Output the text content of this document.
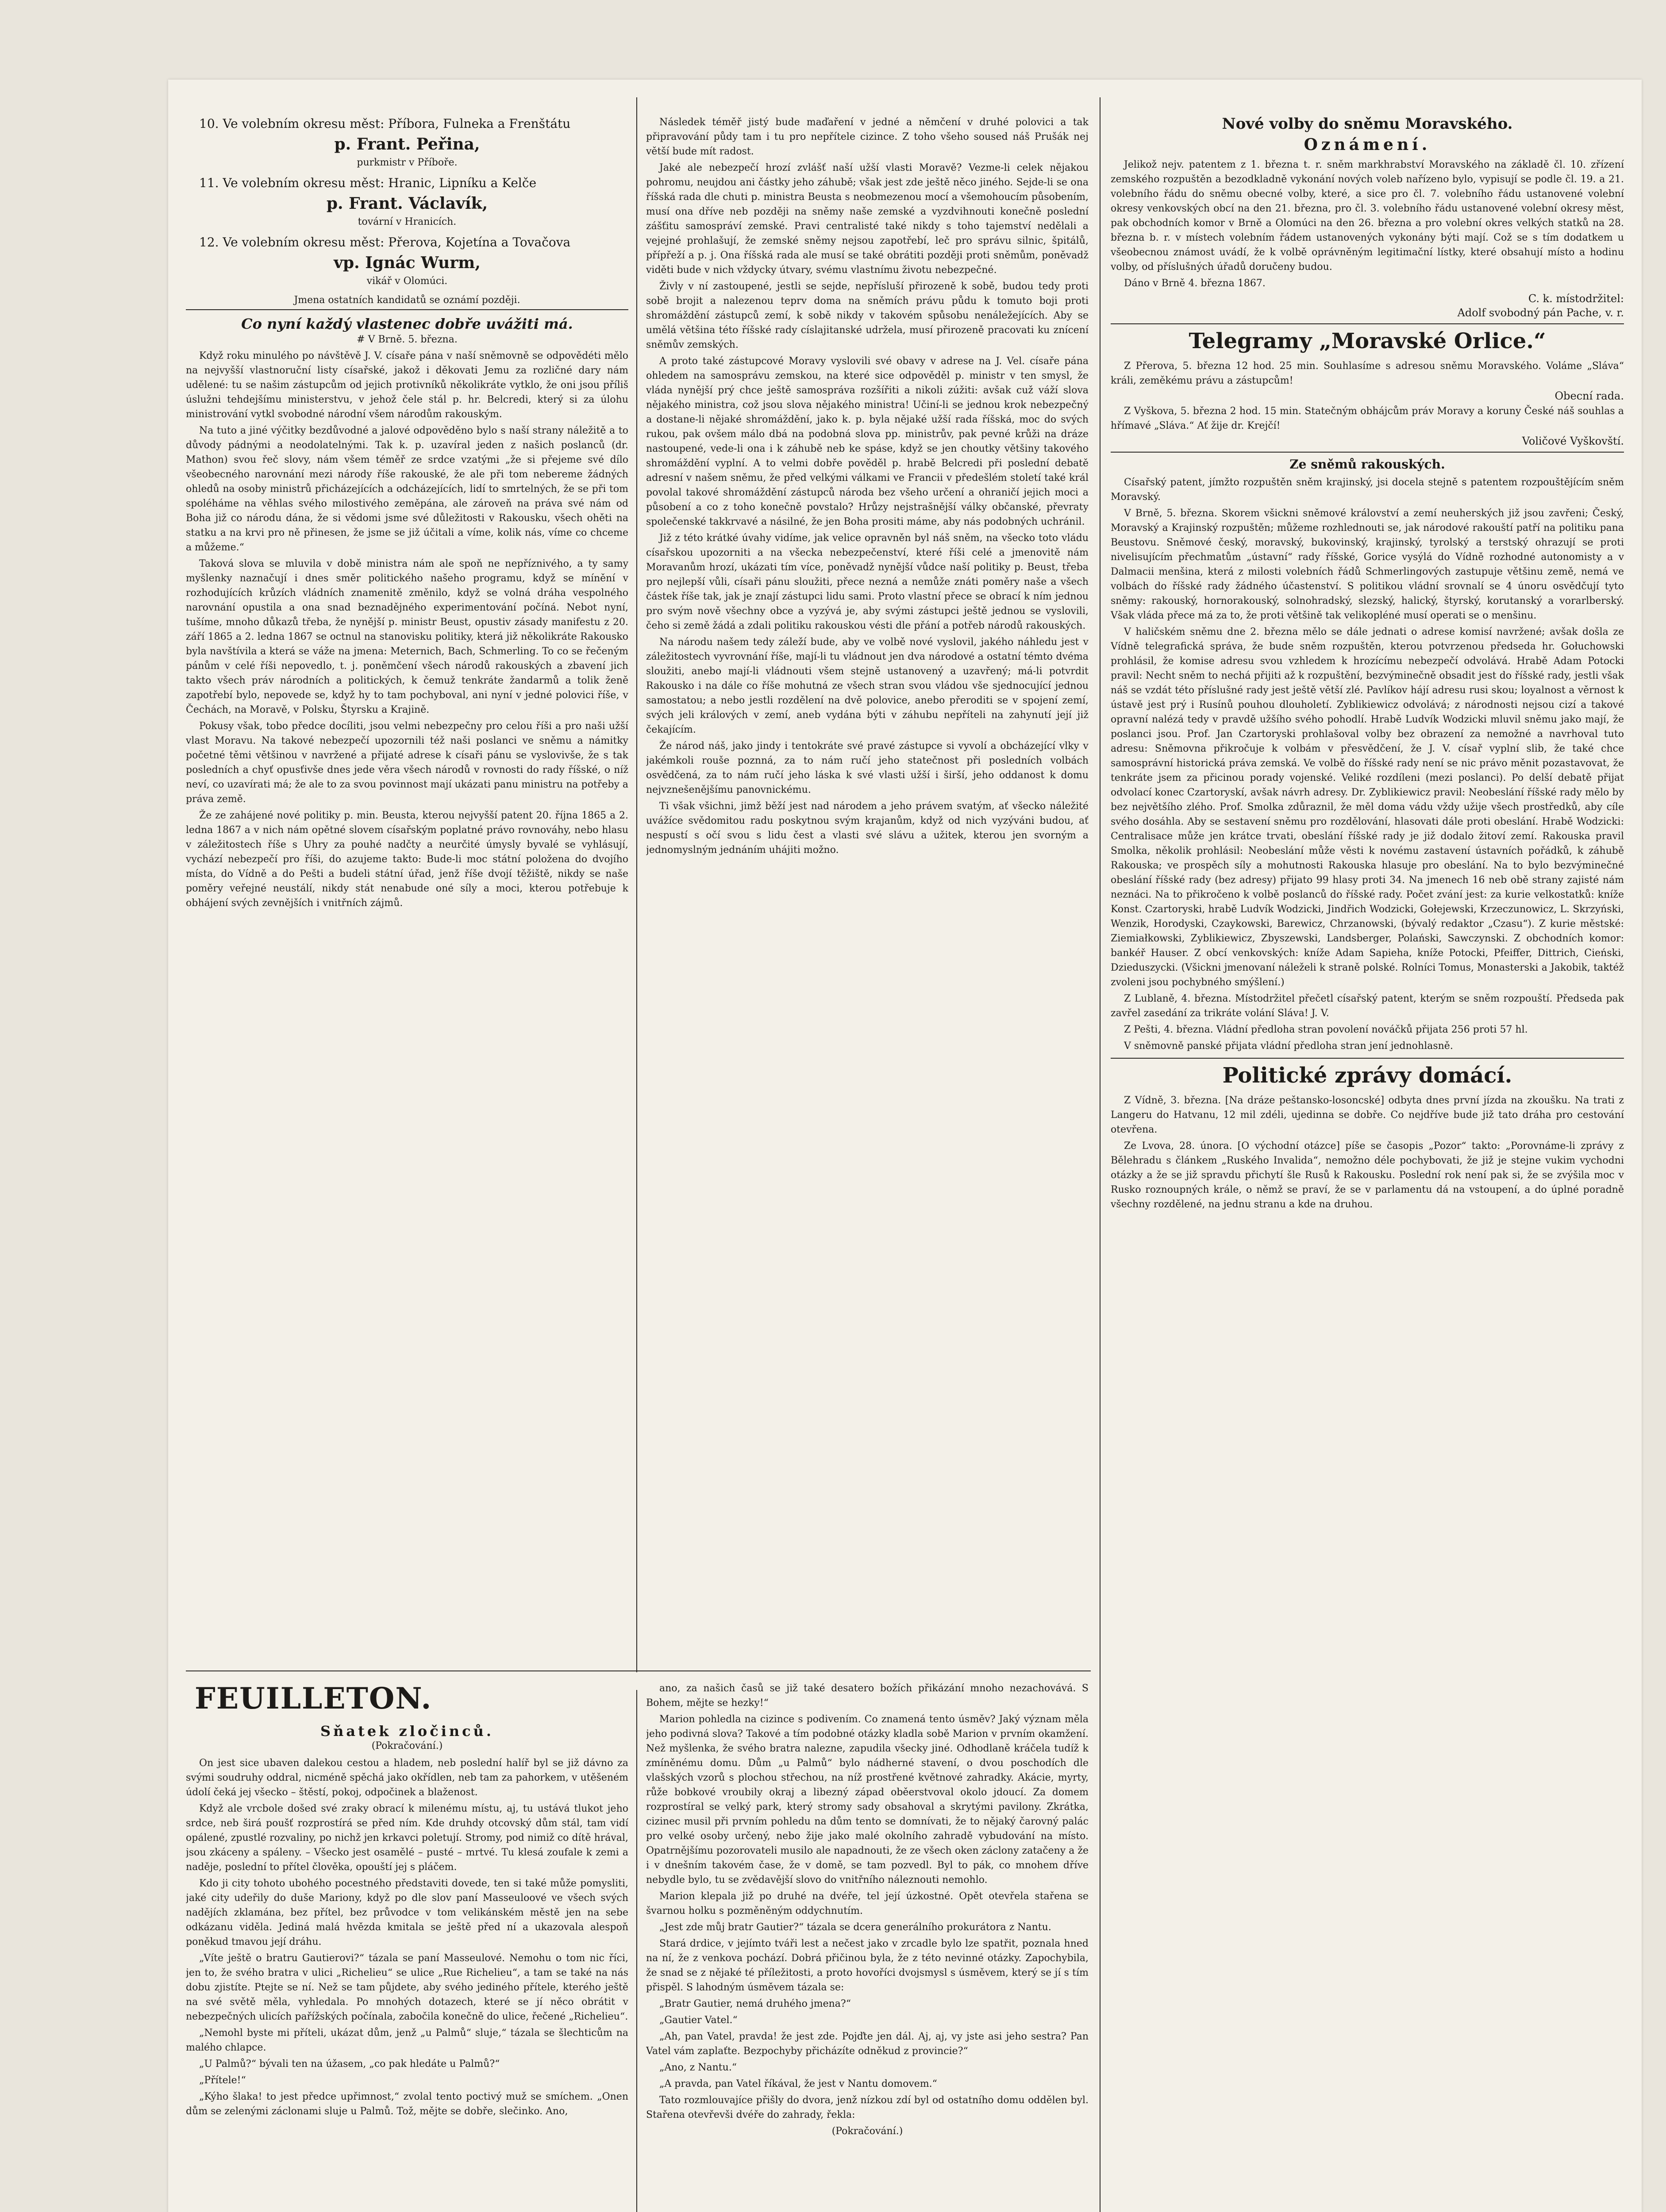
10. Ve volebním okresu měst: Příbora, Fulneka a Frenštátu

p. Frant. Peřina,

purkmistr v Příboře.

11. Ve volebním okresu měst: Hranic, Lipníku a Kelče

p. Frant. Václavík,

tovární v Hranicích.

12. Ve volebním okresu měst: Přerova, Kojetína a Tovačova

vp. Ignác Wurm,

vikář v Olomúci.

Jmena ostatních kandidatů se oznámí později.

Co nyní každý vlastenec dobře uvážiti má.

# V Brně. 5. března.

Když roku minulého po návštěvě J. V. císaře pána v naší sněmovně se odpovědéti mělo na nejvyšší vlastnoruční listy císařské, jakož i děkovati Jemu za rozličné dary nám udělené: tu se našim zástupcům od jejich protivníků několikráte vytklo, že oni jsou příliš úslužni tehdejšímu ministerstvu, v jehož čele stál p. hr. Belcredi, který si za úlohu ministrování vytkl svobodné národní všem národům rakouským.

Na tuto a jiné výčitky bezdůvodné a jalové odpověděno bylo s naší strany náležitě a to důvody pádnými a neodolatelnými. Tak k. p. uzavíral jeden z našich poslanců (dr. Mathon) svou řeč slovy, nám všem téměř ze srdce vzatými „že si přejeme své dílo všeobecného narovnání mezi národy říše rakouské, že ale při tom nebereme žádných ohledů na osoby ministrů přicházejících a odcházejících, lidí to smrtelných, že se při tom spoléháme na věhlas svého milostivého zeměpána, ale zároveň na práva své nám od Boha již co národu dána, že si vědomi jsme své důležitosti v Rakousku, všech ohěti na statku a na krvi pro ně přinesen, že jsme se již účitali a víme, kolik nás, víme co chceme a můžeme.“

Taková slova se mluvila v době ministra nám ale spoň ne nepříznivého, a ty samy myšlenky naznačují i dnes směr politického našeho programu, když se mínění v rozhodujících krůzích vládních znamenitě změnilo, když se volná dráha vespolného narovnání opustila a ona snad beznadějného experimentování počíná. Nebot nyní, tušíme, mnoho důkazů třeba, že nynější p. ministr Beust, opustiv zásady manifestu z 20. září 1865 a 2. ledna 1867 se octnul na stanovisku politiky, která již několikráte Rakousko byla navštívila a která se váže na jmena: Meternich, Bach, Schmerling. To co se řečeným pánům v celé říši nepovedlo, t. j. poněmčení všech národů rakouských a zbavení jich takto všech práv národních a politických, k čemuž tenkráte žandarmů a tolik ženě zapotřebí bylo, nepovede se, když hy to tam pochyboval, ani nyní v jedné polovici říše, v Čechách, na Moravě, v Polsku, Štyrsku a Krajině.

Pokusy však, tobo předce docíliti, jsou velmi nebezpečny pro celou říši a pro naši užší vlast Moravu. Na takové nebezpečí upozornili též naši poslanci ve sněmu a námitky početné těmi většinou v navržené a přijaté adrese k císaři pánu se vyslovivše, že s tak posledních a chyť opusťivše dnes jede věra všech národů v rovnosti do rady říšské, o níž neví, co uzavírati má; že ale to za svou povinnost mají ukázati panu ministru na potřeby a práva země.

Že ze zahájené nové politiky p. min. Beusta, kterou nejvyšší patent 20. října 1865 a 2. ledna 1867 a v nich nám opětné slovem císařským poplatné právo rovnováhy, nebo hlasu v záležitostech říše s Uhry za pouhé nadčty a neurčité úmysly byvalé se vyhlásují, vychází nebezpečí pro říši, do azujeme takto: Bude-li moc státní položena do dvojího místa, do Vídně a do Pešti a budeli státní úřad, jenž říše dvojí těžiště, nikdy se naše poměry veřejné neustálí, nikdy stát nenabude oné síly a moci, kterou potřebuje k obhájení svých zevnějších i vnitřních zájmů.

Následek téměř jistý bude maďaření v jedné a němčení v druhé polovici a tak připravování půdy tam i tu pro nepřítele cizince. Z toho všeho soused náš Prušák nej větší bude mít radost.

Jaké ale nebezpečí hrozí zvlášť naší užší vlasti Moravě? Vezme-li celek nějakou pohromu, neujdou ani částky jeho záhubě; však jest zde ještě něco jiného. Sejde-li se ona říšská rada dle chuti p. ministra Beusta s neobmezenou mocí a všemohoucím působením, musí ona dříve neb později na sněmy naše zemské a vyzdvihnouti konečně poslední zášťitu samospráví zemské. Pravi centralisté také nikdy s toho tajemství nedělali a vejejné prohlašují, že zemské sněmy nejsou zapotřebí, leč pro správu silnic, špitálů, přípřeží a p. j. Ona říšská rada ale musí se také obrátiti později proti sněmům, poněvadž viděti bude v nich vždycky útvary, svému vlastnímu životu nebezpečné.

Živly v ní zastoupené, jestli se sejde, nepřísluší přirozeně k sobě, budou tedy proti sobě brojit a nalezenou teprv doma na sněmích právu půdu k tomuto boji proti shromáždění zástupců zemí, k sobě nikdy v takovém spůsobu nenáležejících. Aby se umělá většina této říšské rady císlajitanské udržela, musí přirozeně pracovati ku znícení sněmův zemských.

A proto také zástupcové Moravy vyslovili své obavy v adrese na J. Vel. císaře pána ohledem na samosprávu zemskou, na které sice odpověděl p. ministr v ten smysl, že vláda nynější prý chce ještě samospráva rozšířiti a nikoli zúžiti: avšak cuž váží slova nějakého ministra, což jsou slova nějakého ministra! Učiní-li se jednou krok nebezpečný a dostane-li nějaké shromáždění, jako k. p. byla nějaké užší rada říšská, moc do svých rukou, pak ovšem málo dbá na podobná slova pp. ministrův, pak pevné krůži na dráze nastoupené, vede-li ona i k záhubě neb ke spáse, když se jen choutky většiny takového shromáždění vyplní. A to velmi dobře pověděl p. hrabě Belcredi při poslední debatě adresní v našem sněmu, že před velkými válkami ve Francii v předešlém století také král povolal takové shromáždění zástupců národa bez všeho určení a ohraničí jejich moci a působení a co z toho konečně povstalo? Hrůzy nejstrašnější války občanské, převraty společenské takkrvavé a násilné, že jen Boha prositi máme, aby nás podobných uchránil.

Již z této krátké úvahy vidíme, jak velice opravněn byl náš sněm, na všecko toto vládu císařskou upozorniti a na všecka nebezpečenství, které říši celé a jmenovitě nám Moravanům hrozí, ukázati tím více, poněvadž nynější vůdce naší politiky p. Beust, třeba pro nejlepší vůli, císaři pánu sloužiti, přece nezná a nemůže znáti poměry naše a všech částek říše tak, jak je znají zástupci lidu sami. Proto vlastní přece se obrací k ním jednou pro svým nově všechny obce a vyzývá je, aby svými zástupci ještě jednou se vyslovili, čeho si země žádá a zdali politiku rakouskou vésti dle přání a potřeb národů rakouských.

Na národu našem tedy záleží bude, aby ve volbě nové vyslovil, jakého náhledu jest v záležitostech vyvrovnání říše, mají-li tu vládnout jen dva národové a ostatní témto dvéma sloužiti, anebo mají-li vládnouti všem stejně ustanovený a uzavřený; má-li potvrdit Rakousko i na dále co říše mohutná ze všech stran svou vládou vše sjednocující jednou samostatou; a nebo jestli rozdělení na dvě polovice, anebo přeroditi se v spojení zemí, svých jeli králových v zemí, aneb vydána býti v záhubu nepříteli na zahynutí její již čekajícím.

Že národ náš, jako jindy i tentokráte své pravé zástupce si vyvolí a obcházející vlky v jakémkoli rouše poznná, za to nám ručí jeho statečnost při posledních volbách osvědčená, za to nám ručí jeho láska k své vlasti užší i širší, jeho oddanost k domu nejvznešenějšímu panovnickému.

Ti však všichni, jimž běží jest nad národem a jeho právem svatým, ať všecko náležité uvážíce svědomitou radu poskytnou svým krajanům, když od nich vyzýváni budou, ať nespustí s očí svou s lidu čest a vlasti své slávu a užitek, kterou jen svorným a jednomyslným jednáním uhájiti možno.

Nové volby do sněmu Moravského.

Oznámení.

Jelikož nejv. patentem z 1. března t. r. sněm markhrabství Moravského na základě čl. 10. zřízení zemského rozpuštěn a bezodkladně vykonání nových voleb nařízeno bylo, vypisují se podle čl. 19. a 21. volebního řádu do sněmu obecné volby, které, a sice pro čl. 7. volebního řádu ustanovené volební okresy venkovských obcí na den 21. března, pro čl. 3. volebního řádu ustanovené volební okresy měst, pak obchodních komor v Brně a Olomúci na den 26. března a pro volební okres velkých statků na 28. března b. r. v místech volebním řádem ustanovených vykonány býti mají. Což se s tím dodatkem u všeobecnou známost uvádí, že k volbě oprávněným legitimační lístky, které obsahují místo a hodinu volby, od příslušných úřadů doručeny budou.

Dáno v Brně 4. března 1867.

C. k. místodržitel:

Adolf svobodný pán Pache, v. r.

Telegramy „Moravské Orlice.“

Z Přerova, 5. března 12 hod. 25 min. Souhlasíme s adresou sněmu Moravského. Voláme „Sláva“ králi, zeměkému právu a zástupcům!

Obecní rada.

Z Vyškova, 5. března 2 hod. 15 min. Statečným obhájcům práv Moravy a koruny České náš souhlas a hřímavé „Sláva.“ Ať žije dr. Krejčí!

Voličové Vyškovští.

Ze sněmů rakouských.

Císařský patent, jímžto rozpuštěn sněm krajinský, jsi docela stejně s patentem rozpouštějícím sněm Moravský.

V Brně, 5. března. Skorem všickni sněmové království a zemí neuherských již jsou zavřeni; Český, Moravský a Krajinský rozpuštěn; můžeme rozhlednouti se, jak národové rakouští patří na politiku pana Beustovu. Sněmové český, moravský, bukovinský, krajinský, tyrolský a terstský ohrazují se proti nivelisujícím přechmatům „ústavní“ rady říšské, Gorice vysýlá do Vídně rozhodné autonomisty a v Dalmacii menšina, která z milosti volebních řádů Schmerlingových zastupuje většinu země, nemá ve volbách do říšské rady žádného účastenství. S politikou vládní srovnalí se 4 únoru osvědčují tyto sněmy: rakouský, hornorakouský, solnohradský, slezský, halický, štyrský, korutanský a vorarlberský. Však vláda přece má za to, že proti většině tak velikopléné musí operati se o menšinu.

V haličském sněmu dne 2. března mělo se dále jednati o adrese komisí navržené; avšak došla ze Vídně telegrafická správa, že bude sněm rozpuštěn, kterou potvrzenou předseda hr. Gołuchowski prohlásil, že komise adresu svou vzhledem k hrozícímu nebezpečí odvolává. Hrabě Adam Potocki pravil: Necht sněm to nechá přijiti až k rozpuštění, bezvýminečně obsadit jest do říšské rady, jestli však náš se vzdát této příslušné rady jest ještě větší zlé. Pavlíkov hájí adresu rusi skou; loyalnost a věrnost k ústavě jest prý i Rusínů pouhou dlouholetí. Zyblikiewicz odvolává; z národnosti nejsou cizí a takové opravní nalézá tedy v pravdě užšího svého pohodlí. Hrabě Ludvík Wodzicki mluvil sněmu jako mají, že poslanci jsou. Prof. Jan Czartoryski prohlašoval volby bez obrazení za nemožné a navrhoval tuto adresu: Sněmovna přikročuje k volbám v přesvědčení, že J. V. císař vyplní slib, že také chce samosprávní historická práva zemská. Ve volbě do říšské rady není se nic právo měnit pozastavovat, že tenkráte jsem za přicinou porady vojenské. Veliké rozdíleni (mezi poslanci). Po delší debatě přijat odvolací konec Czartoryskí, avšak návrh adresy. Dr. Zyblikiewicz pravil: Neobeslání říšské rady mělo by bez největšího zlého. Prof. Smolka zdůraznil, že měl doma vádu vždy užije všech prostředků, aby cíle svého dosáhla. Aby se sestavení sněmu pro rozdělování, hlasovati dále proti obeslání. Hrabě Wodzicki: Centralisace může jen krátce trvati, obeslání říšské rady je již dodalo žitoví zemí. Rakouska pravil Smolka, několik prohlásil: Neobeslání může věsti k novému zastavení ústavních pořádků, k záhubě Rakouska; ve prospěch síly a mohutnosti Rakouska hlasuje pro obeslání. Na to bylo bezvýminečné obeslání říšské rady (bez adresy) přijato 99 hlasy proti 34. Na jmenech 16 neb obě strany zajisté nám neznáci. Na to přikročeno k volbě poslanců do říšské rady. Počet zvání jest: za kurie velkostatků: kníže Konst. Czartoryski, hrabě Ludvík Wodzicki, Jindřich Wodzicki, Gołejewski, Krzeczunowicz, L. Skrzyński, Wenzik, Horodyski, Czaykowski, Barewicz, Chrzanowski, (bývalý redaktor „Czasu“). Z kurie městské: Ziemiałkowski, Zyblikiewicz, Zbyszewski, Landsberger, Polański, Sawczynski. Z obchodních komor: bankéř Hauser. Z obcí venkovských: kníže Adam Sapieha, kníže Potocki, Pfeiffer, Dittrich, Cieński, Dzieduszycki. (Všickni jmenovaní náleželi k straně polské. Rolníci Tomus, Monasterski a Jakobik, taktéž zvoleni jsou pochybného smýšlení.)

Z Lublaně, 4. března. Místodržitel přečetl císařský patent, kterým se sněm rozpouští. Předseda pak zavřel zasedání za trikráte volání Sláva! J. V.

Z Pešti, 4. března. Vládní předloha stran povolení nováčků přijata 256 proti 57 hl.

V sněmovně panské přijata vládní předloha stran jení jednohlasně.

Politické zprávy domácí.

Z Vídně, 3. března. [Na dráze peštansko-losoncské] odbyta dnes první jízda na zkoušku. Na trati z Langeru do Hatvanu, 12 mil zdéli, ujedinna se dobře. Co nejdříve bude již tato dráha pro cestování otevřena.

Ze Lvova, 28. února. [O východní otázce] píše se časopis „Pozor“ takto: „Porovnáme-li zprávy z Bělehradu s článkem „Ruského Invalida“, nemožno déle pochybovati, že již je stejne vukim vychodni otázky a že se již spravdu přichytí šle Rusů k Rakousku. Poslední rok není pak si, že se zvýšila moc v Rusko roznoupných krále, o němž se praví, že se v parlamentu dá na vstoupení, a do úplné poradně všechny rozdělené, na jednu stranu a kde na druhou.

FEUILLETON.

Sňatek zločinců.

(Pokračování.)

On jest sice ubaven dalekou cestou a hladem, neb poslední halíř byl se již dávno za svými soudruhy oddral, nicméně spěchá jako okřídlen, neb tam za pahorkem, v utěšeném údolí čeká jej všecko – štěstí, pokoj, odpočinek a blaženost.

Když ale vrcbole došed své zraky obrací k milenému místu, aj, tu ustává tlukot jeho srdce, neb širá poušť rozprostírá se před ním. Kde druhdy otcovský dům stál, tam vidí opálené, zpustlé rozvaliny, po nichž jen krkavci poletují. Stromy, pod nimiž co dítě hrával, jsou zkáceny a spáleny. – Všecko jest osamělé – pusté – mrtvé. Tu klesá zoufale k zemi a naděje, poslední to přítel člověka, opouští jej s pláčem.

Kdo ji city tohoto ubohého pocestného představiti dovede, ten si také může pomysliti, jaké city udeřily do duše Mariony, když po dle slov paní Masseuloové ve všech svých nadějích zklamána, bez přítel, bez průvodce v tom velikánském městě jen na sebe odkázanu viděla. Jediná malá hvězda kmitala se ještě před ní a ukazovala alespoň poněkud tmavou její dráhu.

„Víte ještě o bratru Gautierovi?“ tázala se paní Masseulové. Nemohu o tom nic říci, jen to, že svého bratra v ulici „Richelieu“ se ulice „Rue Richelieu“, a tam se také na nás dobu zjistíte. Ptejte se ní. Než se tam půjdete, aby svého jediného přítele, kterého ještě na své světě měla, vyhledala. Po mnohých dotazech, které se jí něco obrátit v nebezpečných ulicích pařížských počínala, zabočila konečně do ulice, řečené „Richelieu“.

„Nemohl byste mi příteli, ukázat dům, jenž „u Palmů“ sluje,“ tázala se šlechticům na malého chlapce.

„U Palmů?“ bývali ten na úžasem, „co pak hledáte u Palmů?“

„Přítele!“

„Kýho šlaka! to jest předce upřimnost,“ zvolal tento poctivý muž se smíchem. „Onen dům se zelenými záclonami sluje u Palmů. Tož, mějte se dobře, slečinko. Ano,

ano, za našich časů se již také desatero božích přikázání mnoho nezachovává. S Bohem, mějte se hezky!“

Marion pohledla na cizince s podivením. Co znamená tento úsměv? Jaký význam měla jeho podivná slova? Takové a tím podobné otázky kladla sobě Marion v prvním okamžení. Než myšlenka, že svého bratra nalezne, zapudila všecky jiné. Odhodlaně kráčela tudíž k zmíněnému domu. Dům „u Palmů“ bylo nádherné stavení, o dvou poschodích dle vlašských vzorů s plochou střechou, na níž prostřené květnové zahradky. Akácie, myrty, růže bobkové vroubily okraj a libezný západ oběerstvoval okolo jdoucí. Za domem rozprostíral se velký park, který stromy sady obsahoval a skrytými pavilony. Zkrátka, cizinec musil při prvním pohledu na dům tento se domnívati, že to nějaký čarovný palác pro velké osoby určený, nebo žije jako malé okolního zahradě vybudování na místo. Opatrnějšímu pozorovateli musilo ale napadnouti, že ze všech oken záclony zatačeny a že i v dnešním takovém čase, že v domě, se tam pozvedl. Byl to pák, co mnohem dříve nebydle bylo, tu se zvědavější slovo do vnitřního náleznouti nemohlo.

Marion klepala již po druhé na dvéře, tel její úzkostné. Opět otevřela stařena se švarnou holku s pozměněným oddychnutím.

„Jest zde můj bratr Gautier?“ tázala se dcera generálního prokurátora z Nantu.

Stará drdice, v jejímto tváři lest a nečest jako v zrcadle bylo lze spatřit, poznala hned na ní, že z venkova pochází. Dobrá přičinou byla, že z této nevinné otázky. Zapochybila, že snad se z nějaké té příležitosti, a proto hovoříci dvojsmysl s úsměvem, který se jí s tím přispěl. S lahodným úsměvem tázala se:

„Bratr Gautier, nemá druhého jmena?“

„Gautier Vatel.“

„Ah, pan Vatel, pravda! že jest zde. Pojďte jen dál. Aj, aj, vy jste asi jeho sestra? Pan Vatel vám zaplaťte. Bezpochyby přicházíte odněkud z provincie?“

„Ano, z Nantu.“

„A pravda, pan Vatel říkával, že jest v Nantu domovem.“

Tato rozmlouvajíce přišly do dvora, jenž nízkou zdí byl od ostatního domu oddělen byl. Stařena otevřevši dvéře do zahrady, řekla:

(Pokračování.)
